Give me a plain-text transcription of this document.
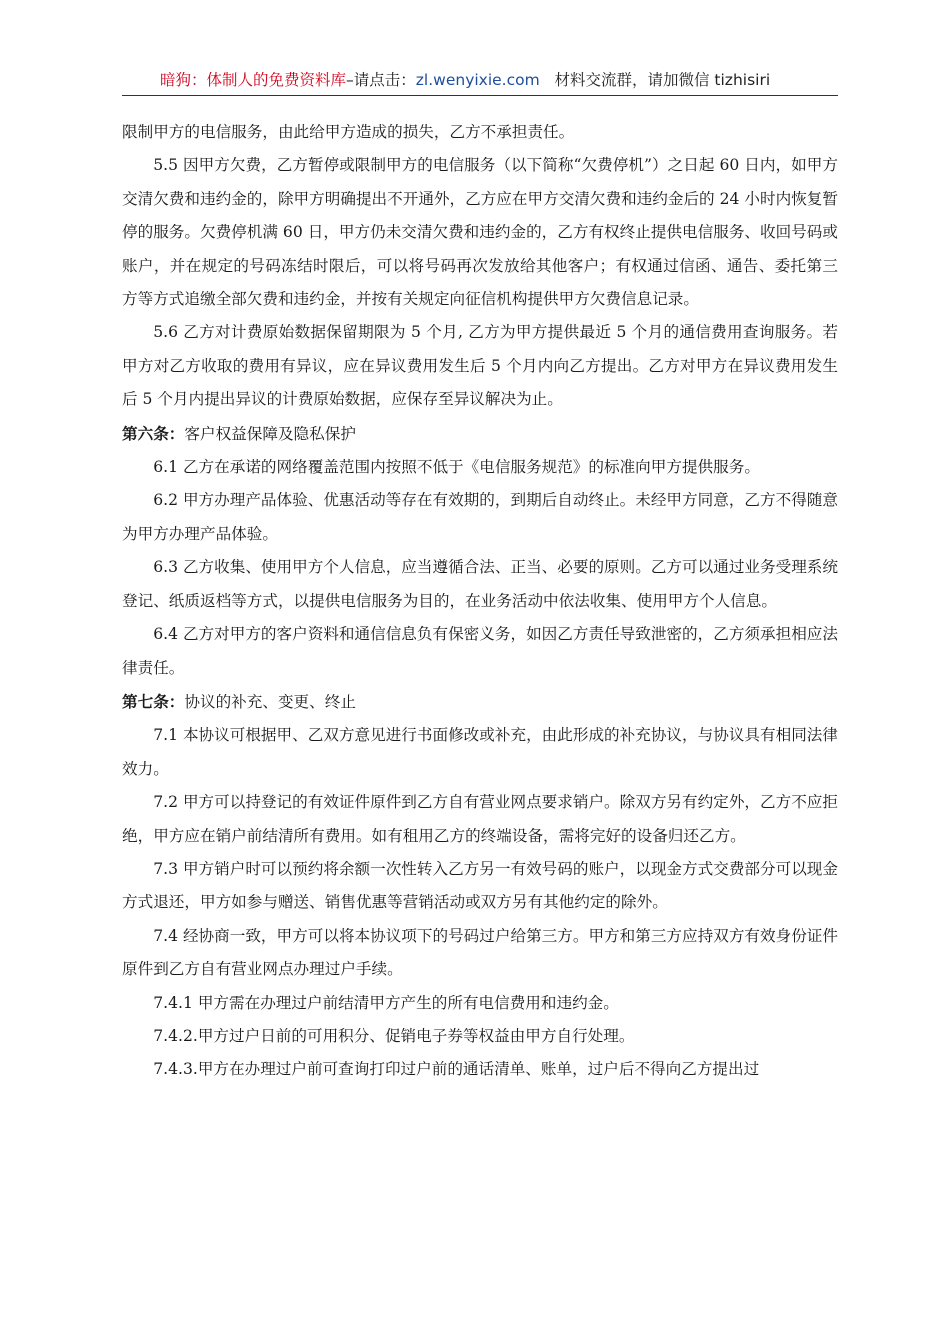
暗狗：体制人的免费资料库–请点击：zl.wenyixie.com 材料交流群，请加微信 tizhisiri

限制甲方的电信服务，由此给甲方造成的损失，乙方不承担责任。

5.5 因甲方欠费，乙方暂停或限制甲方的电信服务（以下简称“欠费停机”）之日起 60 日内，如甲方交清欠费和违约金的，除甲方明确提出不开通外，乙方应在甲方交清欠费和违约金后的 24 小时内恢复暂停的服务。欠费停机满 60 日，甲方仍未交清欠费和违约金的，乙方有权终止提供电信服务、收回号码或账户，并在规定的号码冻结时限后，可以将号码再次发放给其他客户；有权通过信函、通告、委托第三方等方式追缴全部欠费和违约金，并按有关规定向征信机构提供甲方欠费信息记录。

5.6 乙方对计费原始数据保留期限为 5 个月, 乙方为甲方提供最近 5 个月的通信费用查询服务。若甲方对乙方收取的费用有异议，应在异议费用发生后 5 个月内向乙方提出。乙方对甲方在异议费用发生后 5 个月内提出异议的计费原始数据，应保存至异议解决为止。

第六条：客户权益保障及隐私保护

6.1 乙方在承诺的网络覆盖范围内按照不低于《电信服务规范》的标准向甲方提供服务。

6.2 甲方办理产品体验、优惠活动等存在有效期的，到期后自动终止。未经甲方同意，乙方不得随意为甲方办理产品体验。

6.3 乙方收集、使用甲方个人信息，应当遵循合法、正当、必要的原则。乙方可以通过业务受理系统登记、纸质返档等方式，以提供电信服务为目的，在业务活动中依法收集、使用甲方个人信息。

6.4 乙方对甲方的客户资料和通信信息负有保密义务，如因乙方责任导致泄密的，乙方须承担相应法律责任。

第七条：协议的补充、变更、终止

7.1 本协议可根据甲、乙双方意见进行书面修改或补充，由此形成的补充协议，与协议具有相同法律效力。

7.2 甲方可以持登记的有效证件原件到乙方自有营业网点要求销户。除双方另有约定外，乙方不应拒绝，甲方应在销户前结清所有费用。如有租用乙方的终端设备，需将完好的设备归还乙方。

7.3 甲方销户时可以预约将余额一次性转入乙方另一有效号码的账户，以现金方式交费部分可以现金方式退还，甲方如参与赠送、销售优惠等营销活动或双方另有其他约定的除外。

7.4 经协商一致，甲方可以将本协议项下的号码过户给第三方。甲方和第三方应持双方有效身份证件原件到乙方自有营业网点办理过户手续。

7.4.1 甲方需在办理过户前结清甲方产生的所有电信费用和违约金。

7.4.2.甲方过户日前的可用积分、促销电子券等权益由甲方自行处理。

7.4.3.甲方在办理过户前可查询打印过户前的通话清单、账单，过户后不得向乙方提出过
